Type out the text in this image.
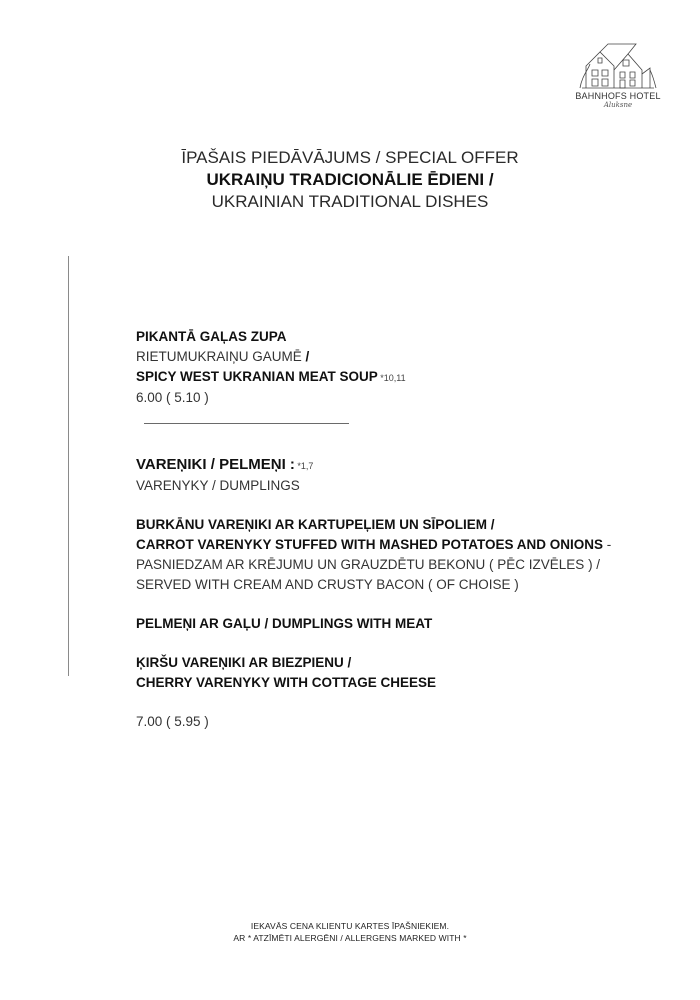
BAHNHOFS HOTEL
Aluksne
ĪPAŠAIS PIEDĀVĀJUMS / SPECIAL OFFER
UKRAIŅU TRADICIONĀLIE ĒDIENI /
UKRAINIAN TRADITIONAL DISHES
PIKANTĀ GAĻAS ZUPA
RIETUMUKRAIŅU GAUMĒ /
SPICY WEST UKRANIAN MEAT SOUP *10,11
6.00 ( 5.10 )
VAREŅIKI / PELMEŅI : *1,7
VARENYKY / DUMPLINGS
BURKĀNU VAREŅIKI AR KARTUPEĻIEM UN SĪPOLIEM /
CARROT VARENYKY STUFFED WITH MASHED POTATOES AND ONIONS -
PASNIEDZAM AR KRĒJUMU UN GRAUZDĒTU BEKONU ( PĒC IZVĒLES ) /
SERVED WITH CREAM AND CRUSTY BACON ( OF CHOISE )
PELMEŅI AR GAĻU / DUMPLINGS WITH MEAT
ĶIRŠU VAREŅIKI AR BIEZPIENU /
CHERRY VARENYKY WITH COTTAGE CHEESE
7.00 ( 5.95 )
IEKAVĀS CENA KLIENTU KARTES ĪPAŠNIEKIEM.
AR * ATZĪMĒTI ALERGĒNI / ALLERGENS MARKED WITH *
